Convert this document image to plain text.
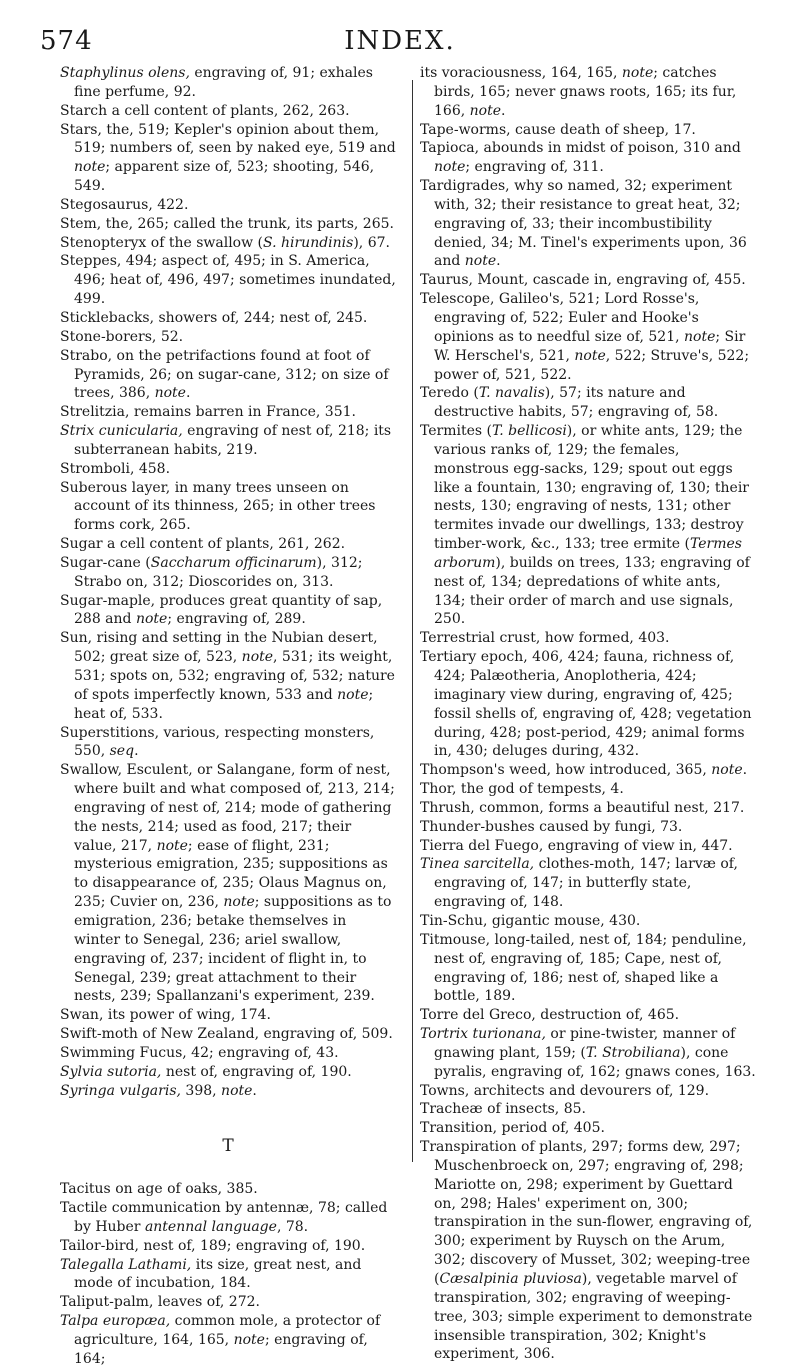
574	INDEX.

Staphylinus olens, engraving of, 91; exhales fine perfume, 92.

Starch a cell content of plants, 262, 263.

Stars, the, 519; Kepler's opinion about them, 519; numbers of, seen by naked eye, 519 and note; apparent size of, 523; shooting, 546, 549.

Stegosaurus, 422.

Stem, the, 265; called the trunk, its parts, 265.

Stenopteryx of the swallow (S. hirundinis), 67.

Steppes, 494; aspect of, 495; in S. America, 496; heat of, 496, 497; sometimes inundated, 499.

Sticklebacks, showers of, 244; nest of, 245.

Stone-borers, 52.

Strabo, on the petrifactions found at foot of Pyramids, 26; on sugar-cane, 312; on size of trees, 386, note.

Strelitzia, remains barren in France, 351.

Strix cunicularia, engraving of nest of, 218; its subterranean habits, 219.

Stromboli, 458.

Suberous layer, in many trees unseen on account of its thinness, 265; in other trees forms cork, 265.

Sugar a cell content of plants, 261, 262.

Sugar-cane (Saccharum officinarum), 312; Strabo on, 312; Dioscorides on, 313.

Sugar-maple, produces great quantity of sap, 288 and note; engraving of, 289.

Sun, rising and setting in the Nubian desert, 502; great size of, 523, note, 531; its weight, 531; spots on, 532; engraving of, 532; nature of spots imperfectly known, 533 and note; heat of, 533.

Superstitions, various, respecting monsters, 550, seq.

Swallow, Esculent, or Salangane, form of nest, where built and what composed of, 213, 214; engraving of nest of, 214; mode of gathering the nests, 214; used as food, 217; their value, 217, note; ease of flight, 231; mysterious emigration, 235; suppositions as to disappearance of, 235; Olaus Magnus on, 235; Cuvier on, 236, note; suppositions as to emigration, 236; betake themselves in winter to Senegal, 236; ariel swallow, engraving of, 237; incident of flight in, to Senegal, 239; great attachment to their nests, 239; Spallanzani's experiment, 239.

Swan, its power of wing, 174.

Swift-moth of New Zealand, engraving of, 509.

Swimming Fucus, 42; engraving of, 43.

Sylvia sutoria, nest of, engraving of, 190.

Syringa vulgaris, 398, note.

T

Tacitus on age of oaks, 385.

Tactile communication by antennæ, 78; called by Huber antennal language, 78.

Tailor-bird, nest of, 189; engraving of, 190.

Talegalla Lathami, its size, great nest, and mode of incubation, 184.

Taliput-palm, leaves of, 272.

Talpa europæa, common mole, a protector of agriculture, 164, 165, note; engraving of, 164;

its voraciousness, 164, 165, note; catches birds, 165; never gnaws roots, 165; its fur, 166, note.

Tape-worms, cause death of sheep, 17.

Tapioca, abounds in midst of poison, 310 and note; engraving of, 311.

Tardigrades, why so named, 32; experiment with, 32; their resistance to great heat, 32; engraving of, 33; their incombustibility denied, 34; M. Tinel's experiments upon, 36 and note.

Taurus, Mount, cascade in, engraving of, 455.

Telescope, Galileo's, 521; Lord Rosse's, engraving of, 522; Euler and Hooke's opinions as to needful size of, 521, note; Sir W. Herschel's, 521, note, 522; Struve's, 522; power of, 521, 522.

Teredo (T. navalis), 57; its nature and destructive habits, 57; engraving of, 58.

Termites (T. bellicosi), or white ants, 129; the various ranks of, 129; the females, monstrous egg-sacks, 129; spout out eggs like a fountain, 130; engraving of, 130; their nests, 130; engraving of nests, 131; other termites invade our dwellings, 133; destroy timber-work, &c., 133; tree ermite (Termes arborum), builds on trees, 133; engraving of nest of, 134; depredations of white ants, 134; their order of march and use signals, 250.

Terrestrial crust, how formed, 403.

Tertiary epoch, 406, 424; fauna, richness of, 424; Palæotheria, Anoplotheria, 424; imaginary view during, engraving of, 425; fossil shells of, engraving of, 428; vegetation during, 428; post-period, 429; animal forms in, 430; deluges during, 432.

Thompson's weed, how introduced, 365, note.

Thor, the god of tempests, 4.

Thrush, common, forms a beautiful nest, 217.

Thunder-bushes caused by fungi, 73.

Tierra del Fuego, engraving of view in, 447.

Tinea sarcitella, clothes-moth, 147; larvæ of, engraving of, 147; in butterfly state, engraving of, 148.

Tin-Schu, gigantic mouse, 430.

Titmouse, long-tailed, nest of, 184; penduline, nest of, engraving of, 185; Cape, nest of, engraving of, 186; nest of, shaped like a bottle, 189.

Torre del Greco, destruction of, 465.

Tortrix turionana, or pine-twister, manner of gnawing plant, 159; (T. Strobiliana), cone pyralis, engraving of, 162; gnaws cones, 163.

Towns, architects and devourers of, 129.

Tracheæ of insects, 85.

Transition, period of, 405.

Transpiration of plants, 297; forms dew, 297; Muschenbroeck on, 297; engraving of, 298; Mariotte on, 298; experiment by Guettard on, 298; Hales' experiment on, 300; transpiration in the sun-flower, engraving of, 300; experiment by Ruysch on the Arum, 302; discovery of Musset, 302; weeping-tree (Cæsalpinia pluviosa), vegetable marvel of transpiration, 302; engraving of weeping-tree, 303; simple experiment to demonstrate insensible transpiration, 302; Knight's experiment, 306.
